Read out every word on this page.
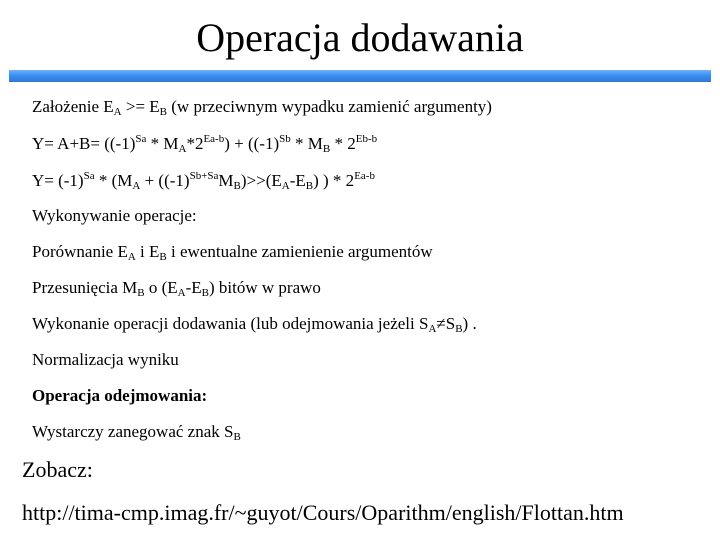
Operacja dodawania
Założenie $E_A >= E_B$ (w przeciwnym wypadku zamienić argumenty)
$Y= A+B= ((-1)^{Sa} * M_A*2^{Ea-b}) + ((-1)^{Sb} * M_B * 2^{Eb-b}$
$Y= (-1)^{Sa} * (M_A + ((-1)^{Sb+Sa}M_B)>>(E_A-E_B)$ ) * $2^{Ea-b}$
Wykonywanie operacje:
Porównanie $E_A$ i $E_B$ i ewentualne zamienienie argumentów
Przesunięcia $M_B$ o $(E_A-E_B)$ bitów w prawo
Wykonanie operacji dodawania (lub odejmowania jeżeli $S_A\ne S_B$) .
Normalizacja wyniku
Operacja odejmowania:
Wystarczy zanegować znak $S_B$
Zobacz:
http://tima-cmp.imag.fr/~guyot/Cours/Oparithm/english/Flottan.htm
